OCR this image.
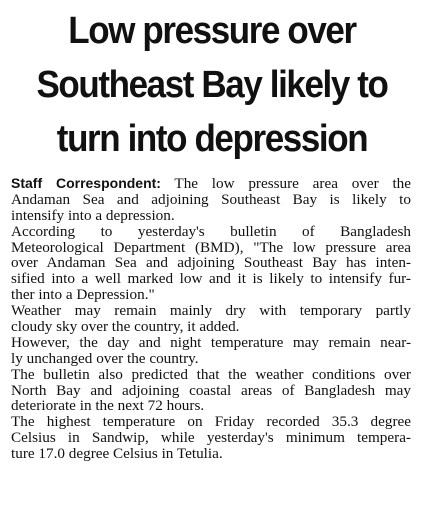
Low pressure over
Southeast Bay likely to
turn into depression
Staff Correspondent: The low pressure area over the
Andaman Sea and adjoining Southeast Bay is likely to
intensify into a depression.
According to yesterday's bulletin of Bangladesh
Meteorological Department (BMD), "The low pressure area
over Andaman Sea and adjoining Southeast Bay has inten-
sified into a well marked low and it is likely to intensify fur-
ther into a Depression."
Weather may remain mainly dry with temporary partly
cloudy sky over the country, it added.
However, the day and night temperature may remain near-
ly unchanged over the country.
The bulletin also predicted that the weather conditions over
North Bay and adjoining coastal areas of Bangladesh may
deteriorate in the next 72 hours.
The highest temperature on Friday recorded 35.3 degree
Celsius in Sandwip, while yesterday's minimum tempera-
ture 17.0 degree Celsius in Tetulia.
